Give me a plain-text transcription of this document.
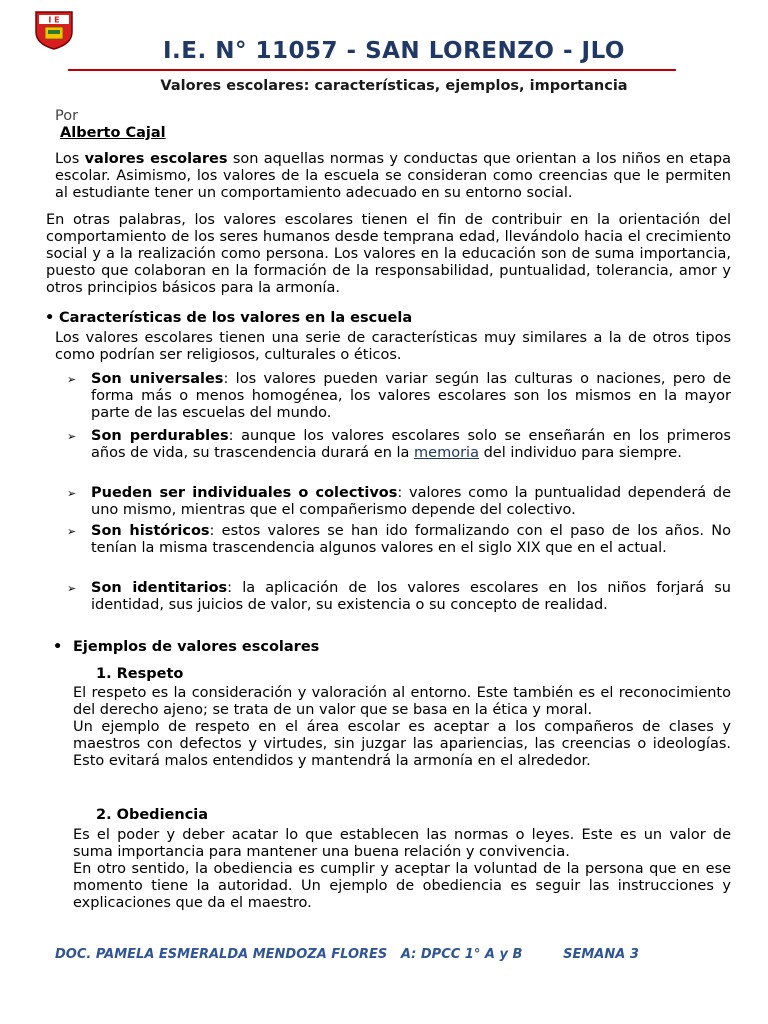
I E
I.E. N° 11057 - SAN LORENZO - JLO
Valores escolares: características, ejemplos, importancia
Por
Alberto Cajal

Los valores escolares son aquellas normas y conductas que orientan a los niños en etapa escolar. Asimismo, los valores de la escuela se consideran como creencias que le permiten al estudiante tener un comportamiento adecuado en su entorno social.

En otras palabras, los valores escolares tienen el fin de contribuir en la orientación del comportamiento de los seres humanos desde temprana edad, llevándolo hacia el crecimiento social y a la realización como persona. Los valores en la educación son de suma importancia, puesto que colaboran en la formación de la responsabilidad, puntualidad, tolerancia, amor y otros principios básicos para la armonía.

• Características de los valores en la escuela

Los valores escolares tienen una serie de características muy similares a la de otros tipos como podrían ser religiosos, culturales o éticos.

➢	Son universales: los valores pueden variar según las culturas o naciones, pero de forma más o menos homogénea, los valores escolares son los mismos en la mayor parte de las escuelas del mundo.
➢	Son perdurables: aunque los valores escolares solo se enseñarán en los primeros años de vida, su trascendencia durará en la memoria del individuo para siempre.
➢	Pueden ser individuales o colectivos: valores como la puntualidad dependerá de uno mismo, mientras que el compañerismo depende del colectivo.
➢	Son históricos: estos valores se han ido formalizando con el paso de los años. No tenían la misma trascendencia algunos valores en el siglo XIX que en el actual.
➢	Son identitarios: la aplicación de los valores escolares en los niños forjará su identidad, sus juicios de valor, su existencia o su concepto de realidad.
• Ejemplos de valores escolares
1. Respeto
El respeto es la consideración y valoración al entorno. Este también es el reconocimiento del derecho ajeno; se trata de un valor que se basa en la ética y moral.
Un ejemplo de respeto en el área escolar es aceptar a los compañeros de clases y maestros con defectos y virtudes, sin juzgar las apariencias, las creencias o ideologías. Esto evitará malos entendidos y mantendrá la armonía en el alrededor.
2. Obediencia
Es el poder y deber acatar lo que establecen las normas o leyes. Este es un valor de suma importancia para mantener una buena relación y convivencia.
En otro sentido, la obediencia es cumplir y aceptar la voluntad de la persona que en ese momento tiene la autoridad. Un ejemplo de obediencia es seguir las instrucciones y explicaciones que da el maestro.
DOC. PAMELA ESMERALDA MENDOZA FLORES A: DPCC 1° A y B	SEMANA 3
